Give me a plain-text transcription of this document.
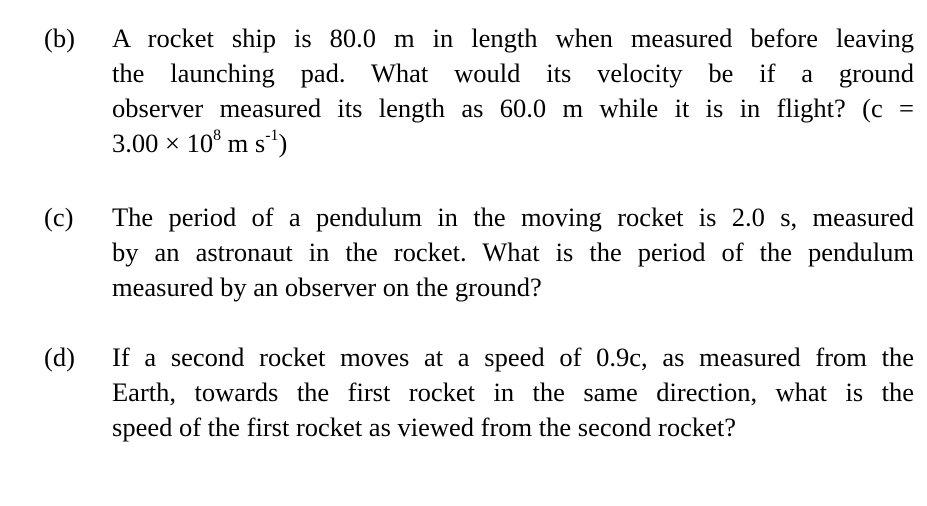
(b)	A rocket ship is 80.0 m in length when measured before leaving
the launching pad. What would its velocity be if a ground
observer measured its length as 60.0 m while it is in flight? (c =
$3.00 \times 10^8$ m $s^{-1}$)
(c)	The period of a pendulum in the moving rocket is 2.0 s, measured
by an astronaut in the rocket. What is the period of the pendulum
measured by an observer on the ground?
(d)	If a second rocket moves at a speed of 0.9c, as measured from the
Earth, towards the first rocket in the same direction, what is the
speed of the first rocket as viewed from the second rocket?
